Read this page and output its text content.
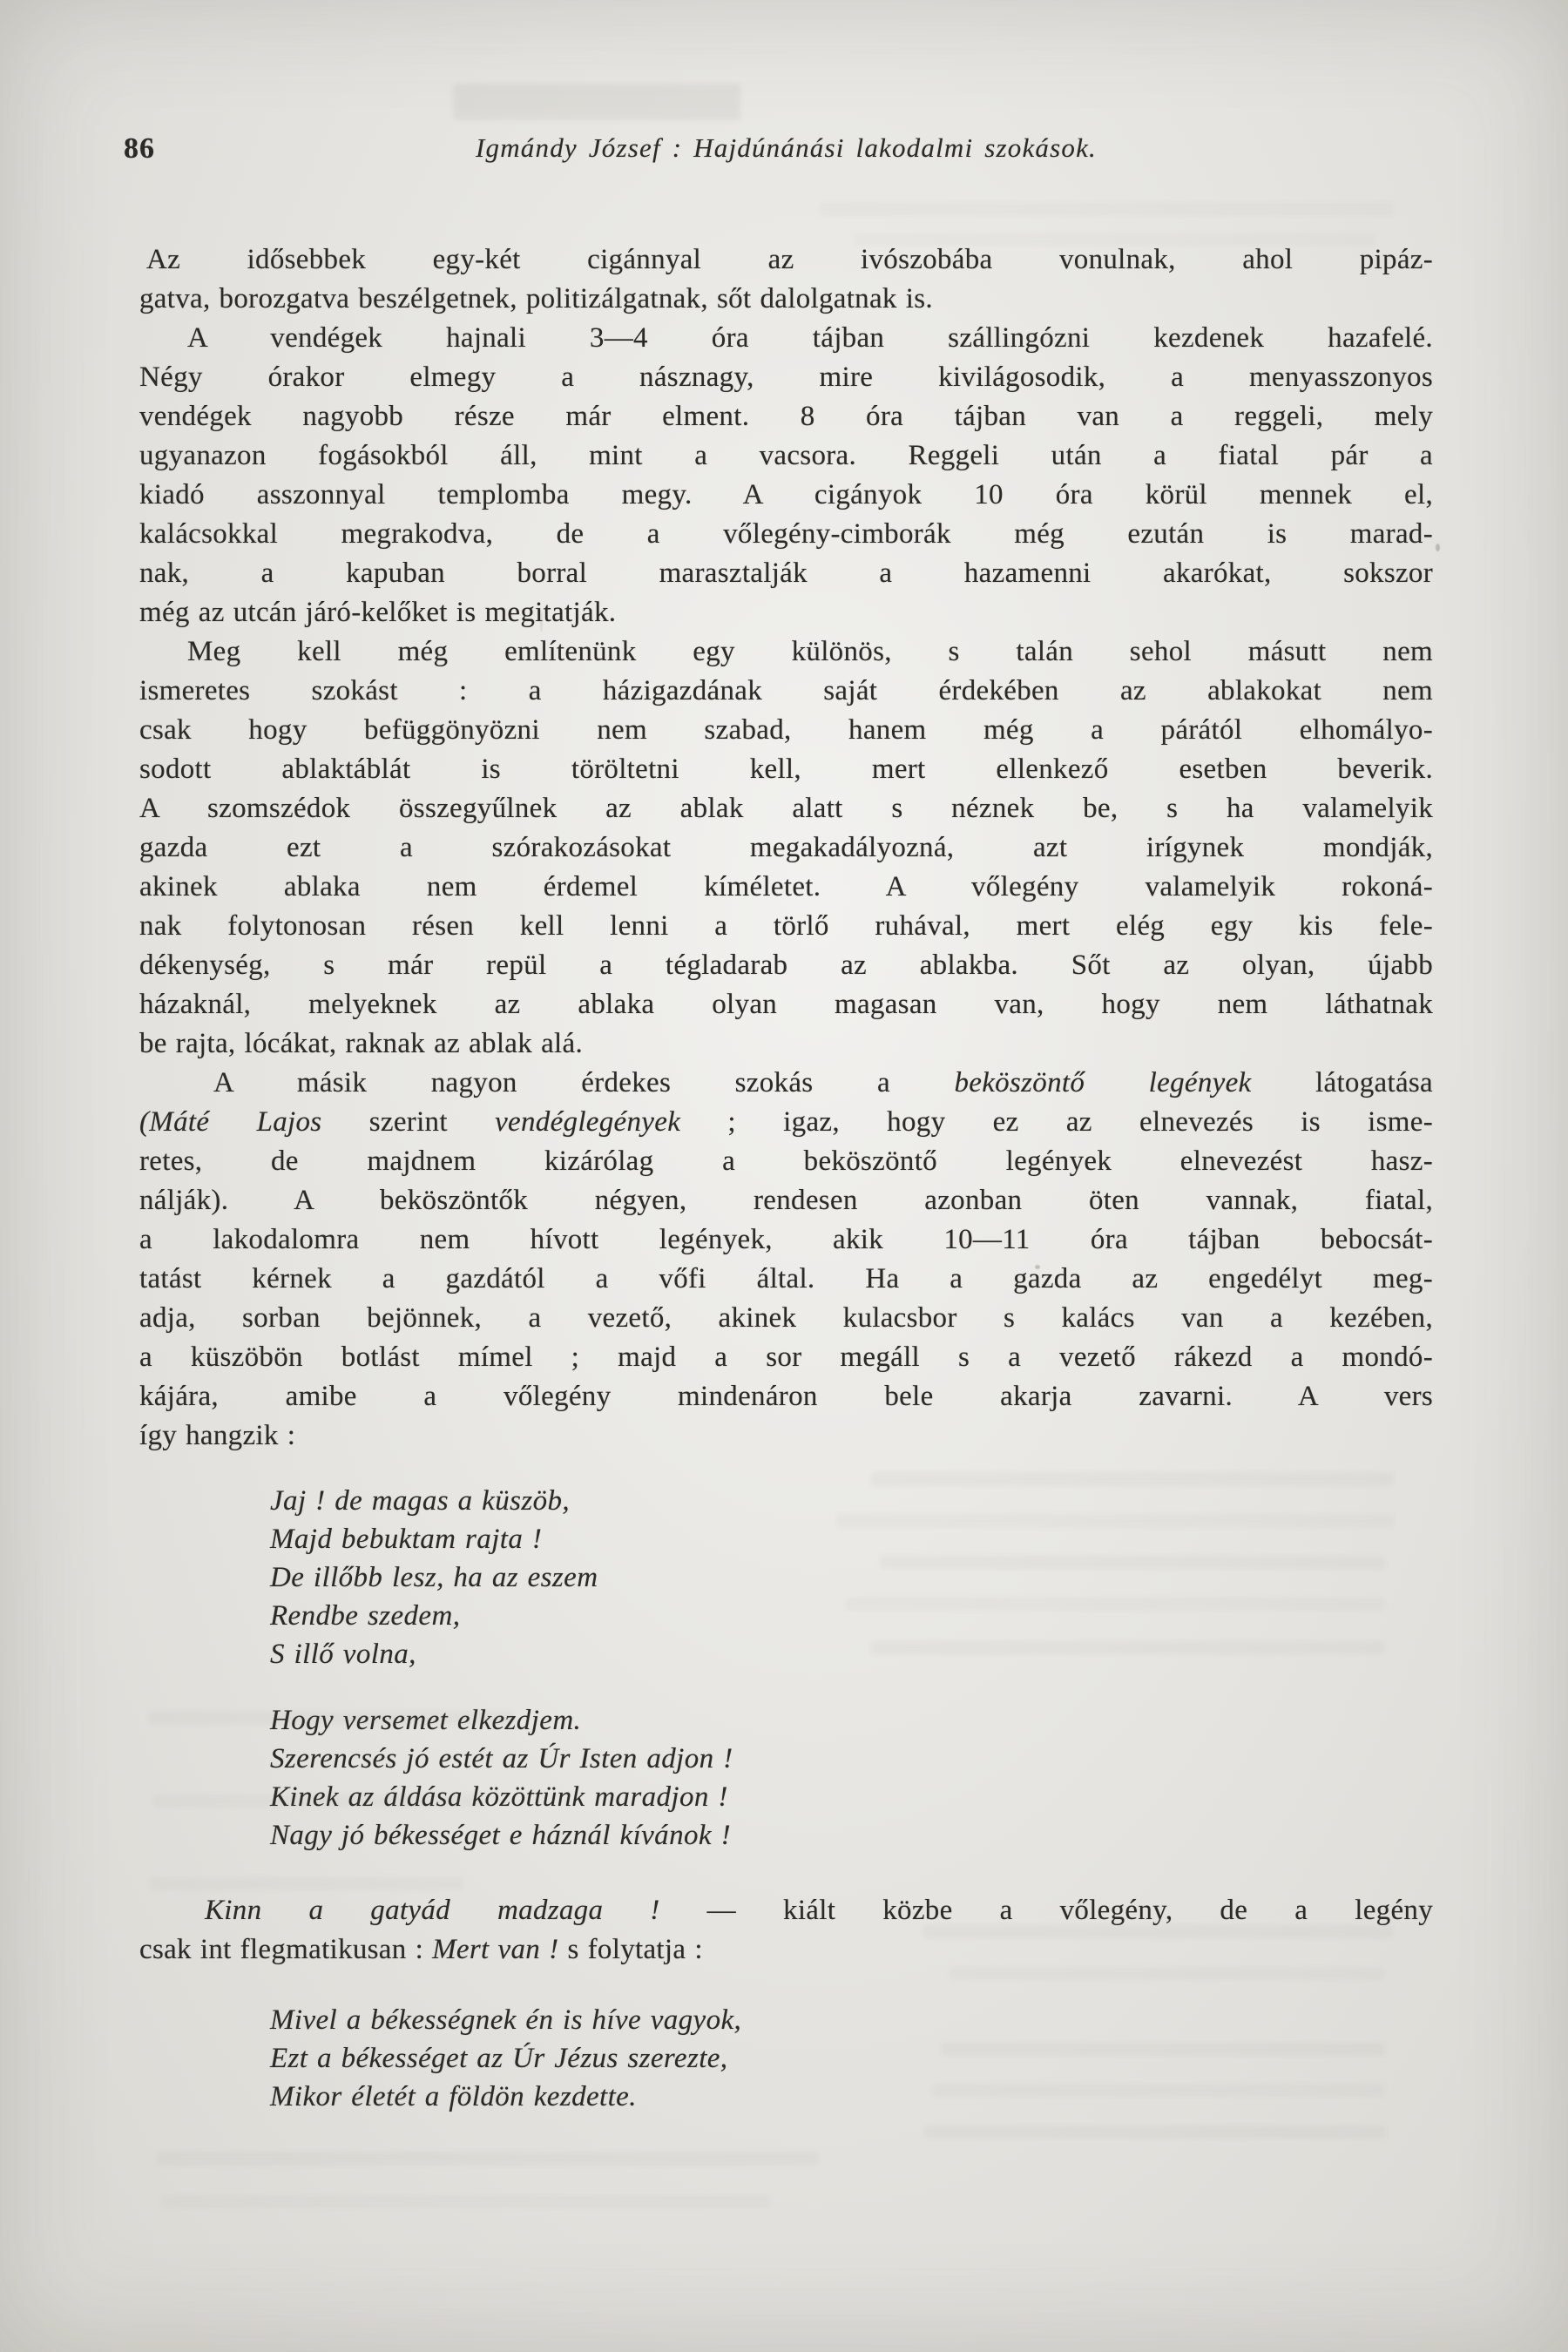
86	Igmándy József : Hajdúnánási lakodalmi szokások.
Az idősebbek egy-két cigánnyal az ivószobába vonulnak, ahol pipáz-
gatva, borozgatva beszélgetnek, politizálgatnak, sőt dalolgatnak is.
A vendégek hajnali 3—4 óra tájban szállingózni kezdenek hazafelé.
Négy órakor elmegy a násznagy, mire kivilágosodik, a menyasszonyos
vendégek nagyobb része már elment. 8 óra tájban van a reggeli, mely
ugyanazon fogásokból áll, mint a vacsora. Reggeli után a fiatal pár a
kiadó asszonnyal templomba megy. A cigányok 10 óra körül mennek el,
kalácsokkal megrakodva, de a vőlegény-cimborák még ezután is marad-
nak, a kapuban borral marasztalják a hazamenni akarókat, sokszor
még az utcán járó-kelőket is megitatják.
Meg kell még említenünk egy különös, s talán sehol másutt nem
ismeretes szokást : a házigazdának saját érdekében az ablakokat nem
csak hogy befüggönyözni nem szabad, hanem még a párától elhomályo-
sodott ablaktáblát is töröltetni kell, mert ellenkező esetben beverik.
A szomszédok összegyűlnek az ablak alatt s néznek be, s ha valamelyik
gazda ezt a szórakozásokat megakadályozná, azt irígynek mondják,
akinek ablaka nem érdemel kíméletet. A vőlegény valamelyik rokoná-
nak folytonosan résen kell lenni a törlő ruhával, mert elég egy kis fele-
dékenység, s már repül a tégladarab az ablakba. Sőt az olyan, újabb
házaknál, melyeknek az ablaka olyan magasan van, hogy nem láthatnak
be rajta, lócákat, raknak az ablak alá.
A másik nagyon érdekes szokás a beköszöntő legények látogatása
(Máté Lajos szerint vendéglegények ; igaz, hogy ez az elnevezés is isme-
retes, de majdnem kizárólag a beköszöntő legények elnevezést hasz-
nálják). A beköszöntők négyen, rendesen azonban öten vannak, fiatal,
a lakodalomra nem hívott legények, akik 10—11 óra tájban bebocsát-
tatást kérnek a gazdától a vőfi által. Ha a gazda az engedélyt meg-
adja, sorban bejönnek, a vezető, akinek kulacsbor s kalács van a kezében,
a küszöbön botlást mímel ; majd a sor megáll s a vezető rákezd a mondó-
kájára, amibe a vőlegény mindenáron bele akarja zavarni. A vers
így hangzik :
Jaj ! de magas a küszöb,
Majd bebuktam rajta !
De illőbb lesz, ha az eszem
Rendbe szedem,
S illő volna,
Hogy versemet elkezdjem.
Szerencsés jó estét az Úr Isten adjon !
Kinek az áldása közöttünk maradjon !
Nagy jó békességet e háznál kívánok !
Kinn a gatyád madzaga ! — kiált közbe a vőlegény, de a legény
csak int flegmatikusan : Mert van ! s folytatja :
Mivel a békességnek én is híve vagyok,
Ezt a békességet az Úr Jézus szerezte,
Mikor életét a földön kezdette.
